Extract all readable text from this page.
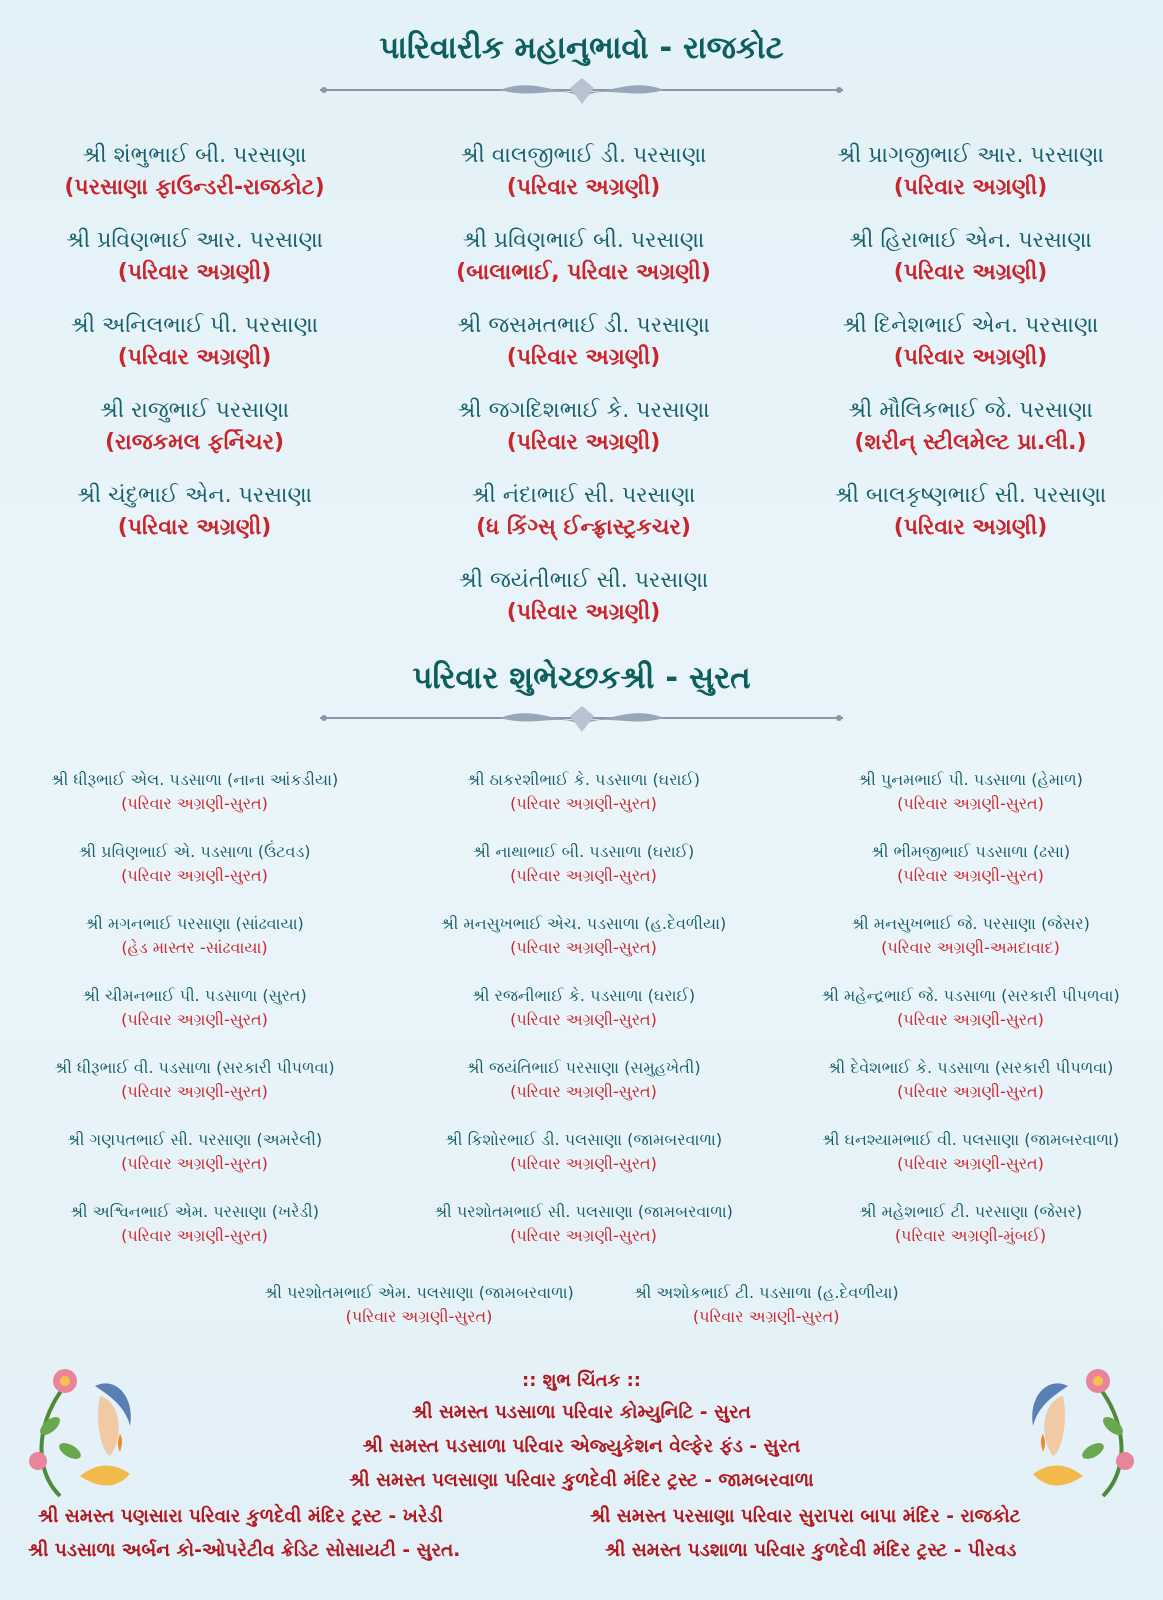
પારિવારીક મહાનુભાવો - રાજકોટ
શ્રી શંભુભાઈ બી. પરસાણા
(પરસાણા ફાઉન્ડરી-રાજકોટ)
શ્રી પ્રવિણભાઈ આર. પરસાણા
(પરિવાર અગ્રણી)
શ્રી અનિલભાઈ પી. પરસાણા
(પરિવાર અગ્રણી)
શ્રી રાજુભાઈ પરસાણા
(રાજકમલ ફર્નિચર)
શ્રી ચંદુભાઈ એન. પરસાણા
(પરિવાર અગ્રણી)
શ્રી વાલજીભાઈ ડી. પરસાણા
(પરિવાર અગ્રણી)
શ્રી પ્રવિણભાઈ બી. પરસાણા
(બાલાભાઈ, પરિવાર અગ્રણી)
શ્રી જસમતભાઈ ડી. પરસાણા
(પરિવાર અગ્રણી)
શ્રી જગદિશભાઈ કે. પરસાણા
(પરિવાર અગ્રણી)
શ્રી નંદાભાઈ સી. પરસાણા
(ધ કિંગ્સ્ ઈન્ફ્રાસ્ટ્રકચર)
શ્રી જયંતીભાઈ સી. પરસાણા
(પરિવાર અગ્રણી)
શ્રી પ્રાગજીભાઈ આર. પરસાણા
(પરિવાર અગ્રણી)
શ્રી હિરાભાઈ એન. પરસાણા
(પરિવાર અગ્રણી)
શ્રી દિનેશભાઈ એન. પરસાણા
(પરિવાર અગ્રણી)
શ્રી મૌલિકભાઈ જે. પરસાણા
(શરીન્ સ્ટીલમેલ્ટ પ્રા.લી.)
શ્રી બાલકૃષ્ણભાઈ સી. પરસાણા
(પરિવાર અગ્રણી)
પરિવાર શુભેચ્છકશ્રી - સુરત
શ્રી ધીરૂભાઈ એલ. પડસાળા (નાના આંકડીયા)
(પરિવાર અગ્રણી-સુરત)
શ્રી પ્રવિણભાઈ એ. પડસાળા (ઉંટવડ)
(પરિવાર અગ્રણી-સુરત)
શ્રી મગનભાઈ પરસાણા (સાંઢવાયા)
(હેડ માસ્તર -સાંઢવાયા)
શ્રી ચીમનભાઈ પી. પડસાળા (સુરત)
(પરિવાર અગ્રણી-સુરત)
શ્રી ધીરૂભાઈ વી. પડસાળા (સરકારી પીપળવા)
(પરિવાર અગ્રણી-સુરત)
શ્રી ગણપતભાઈ સી. પરસાણા (અમરેલી)
(પરિવાર અગ્રણી-સુરત)
શ્રી અશ્વિનભાઈ એમ. પરસાણા (ખરેડી)
(પરિવાર અગ્રણી-સુરત)
શ્રી ઠાકરશીભાઈ કે. પડસાળા (ઘરાઈ)
(પરિવાર અગ્રણી-સુરત)
શ્રી નાથાભાઈ બી. પડસાળા (ઘરાઈ)
(પરિવાર અગ્રણી-સુરત)
શ્રી મનસુખભાઈ એચ. પડસાળા (હ.દેવળીયા)
(પરિવાર અગ્રણી-સુરત)
શ્રી રજનીભાઈ કે. પડસાળા (ઘરાઈ)
(પરિવાર અગ્રણી-સુરત)
શ્રી જયંતિભાઈ પરસાણા (સમુહખેતી)
(પરિવાર અગ્રણી-સુરત)
શ્રી કિશોરભાઈ ડી. પલસાણા (જામબરવાળા)
(પરિવાર અગ્રણી-સુરત)
શ્રી પરશોતમભાઈ સી. પલસાણા (જામબરવાળા)
(પરિવાર અગ્રણી-સુરત)
શ્રી પુનમભાઈ પી. પડસાળા (હેમાળ)
(પરિવાર અગ્રણી-સુરત)
શ્રી ભીમજીભાઈ પડસાળા (ઢસા)
(પરિવાર અગ્રણી-સુરત)
શ્રી મનસુખભાઈ જે. પરસાણા (જેસર)
(પરિવાર અગ્રણી-અમદાવાદ)
શ્રી મહેન્દ્રભાઈ જે. પડસાળા (સરકારી પીપળવા)
(પરિવાર અગ્રણી-સુરત)
શ્રી દેવેશભાઈ કે. પડસાળા (સરકારી પીપળવા)
(પરિવાર અગ્રણી-સુરત)
શ્રી ઘનશ્યામભાઈ વી. પલસાણા (જામબરવાળા)
(પરિવાર અગ્રણી-સુરત)
શ્રી મહેશભાઈ ટી. પરસાણા (જેસર)
(પરિવાર અગ્રણી-મુંબઈ)
શ્રી પરશોતમભાઈ એમ. પલસાણા (જામબરવાળા)
(પરિવાર અગ્રણી-સુરત)
શ્રી અશોકભાઈ ટી. પડસાળા (હ.દેવળીયા)
(પરિવાર અગ્રણી-સુરત)
:: શુભ ચિંતક ::
શ્રી સમસ્ત પડસાળા પરિવાર કોમ્યુનિટિ - સુરત
શ્રી સમસ્ત પડસાળા પરિવાર એજ્યુકેશન વેલ્ફેર ફંડ - સુરત
શ્રી સમસ્ત પલસાણા પરિવાર કુળદેવી મંદિર ટ્રસ્ટ - જામબરવાળા
શ્રી સમસ્ત પણસારા પરિવાર કુળદેવી મંદિર ટ્રસ્ટ - ખરેડી	શ્રી સમસ્ત પરસાણા પરિવાર સુરાપરા બાપા મંદિર - રાજકોટ
શ્રી પડસાળા અર્બન કો-ઓપરેટીવ ક્રેડિટ સોસાયટી - સુરત.	શ્રી સમસ્ત પડશાળા પરિવાર કુળદેવી મંદિર ટ્રસ્ટ - પીરવડ
